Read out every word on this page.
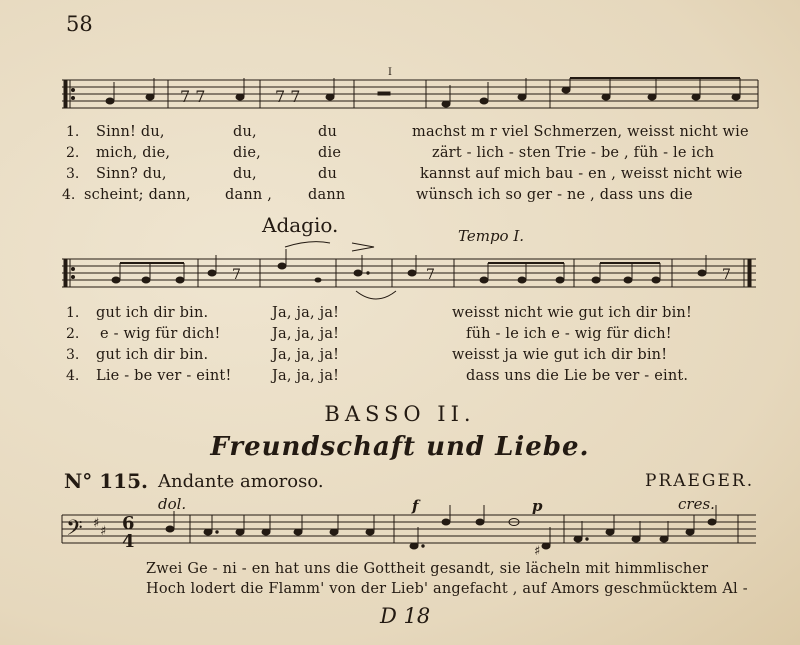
58
7 7	7 7
I
1. Sinn! du,	du,	du	machst m r viel Schmerzen, weisst nicht wie
2. mich, die,	die,	die	zärt - lich - sten Trie - be , füh - le ich
3. Sinn? du,	du,	du	kannst auf mich bau - en , weisst nicht wie
4. scheint; dann, dann , dann	wünsch ich so ger - ne , dass uns die
Adagio.	Tempo I.
7	7	7
1. gut ich dir bin.	Ja, ja, ja!	weisst nicht wie gut ich dir bin!
2. e - wig für dich!	Ja, ja, ja!	füh - le ich e - wig für dich!
3. gut ich dir bin.	Ja, ja, ja!	weisst ja wie gut ich dir bin!
4. Lie - be ver - eint!	Ja, ja, ja!	dass uns die Lie be ver - eint.
BASSO II.
Freundschaft und Liebe.
N° 115. Andante amoroso.	PRAEGER.
dol.	f	p	cres.
𝄢 ♯
♯ 6
4	♯
Zwei Ge - ni - en hat uns die Gottheit gesandt, sie lächeln mit himmlischer
Hoch lodert die Flamm' von der Lieb' angefacht , auf Amors geschmücktem Al -
D 18
